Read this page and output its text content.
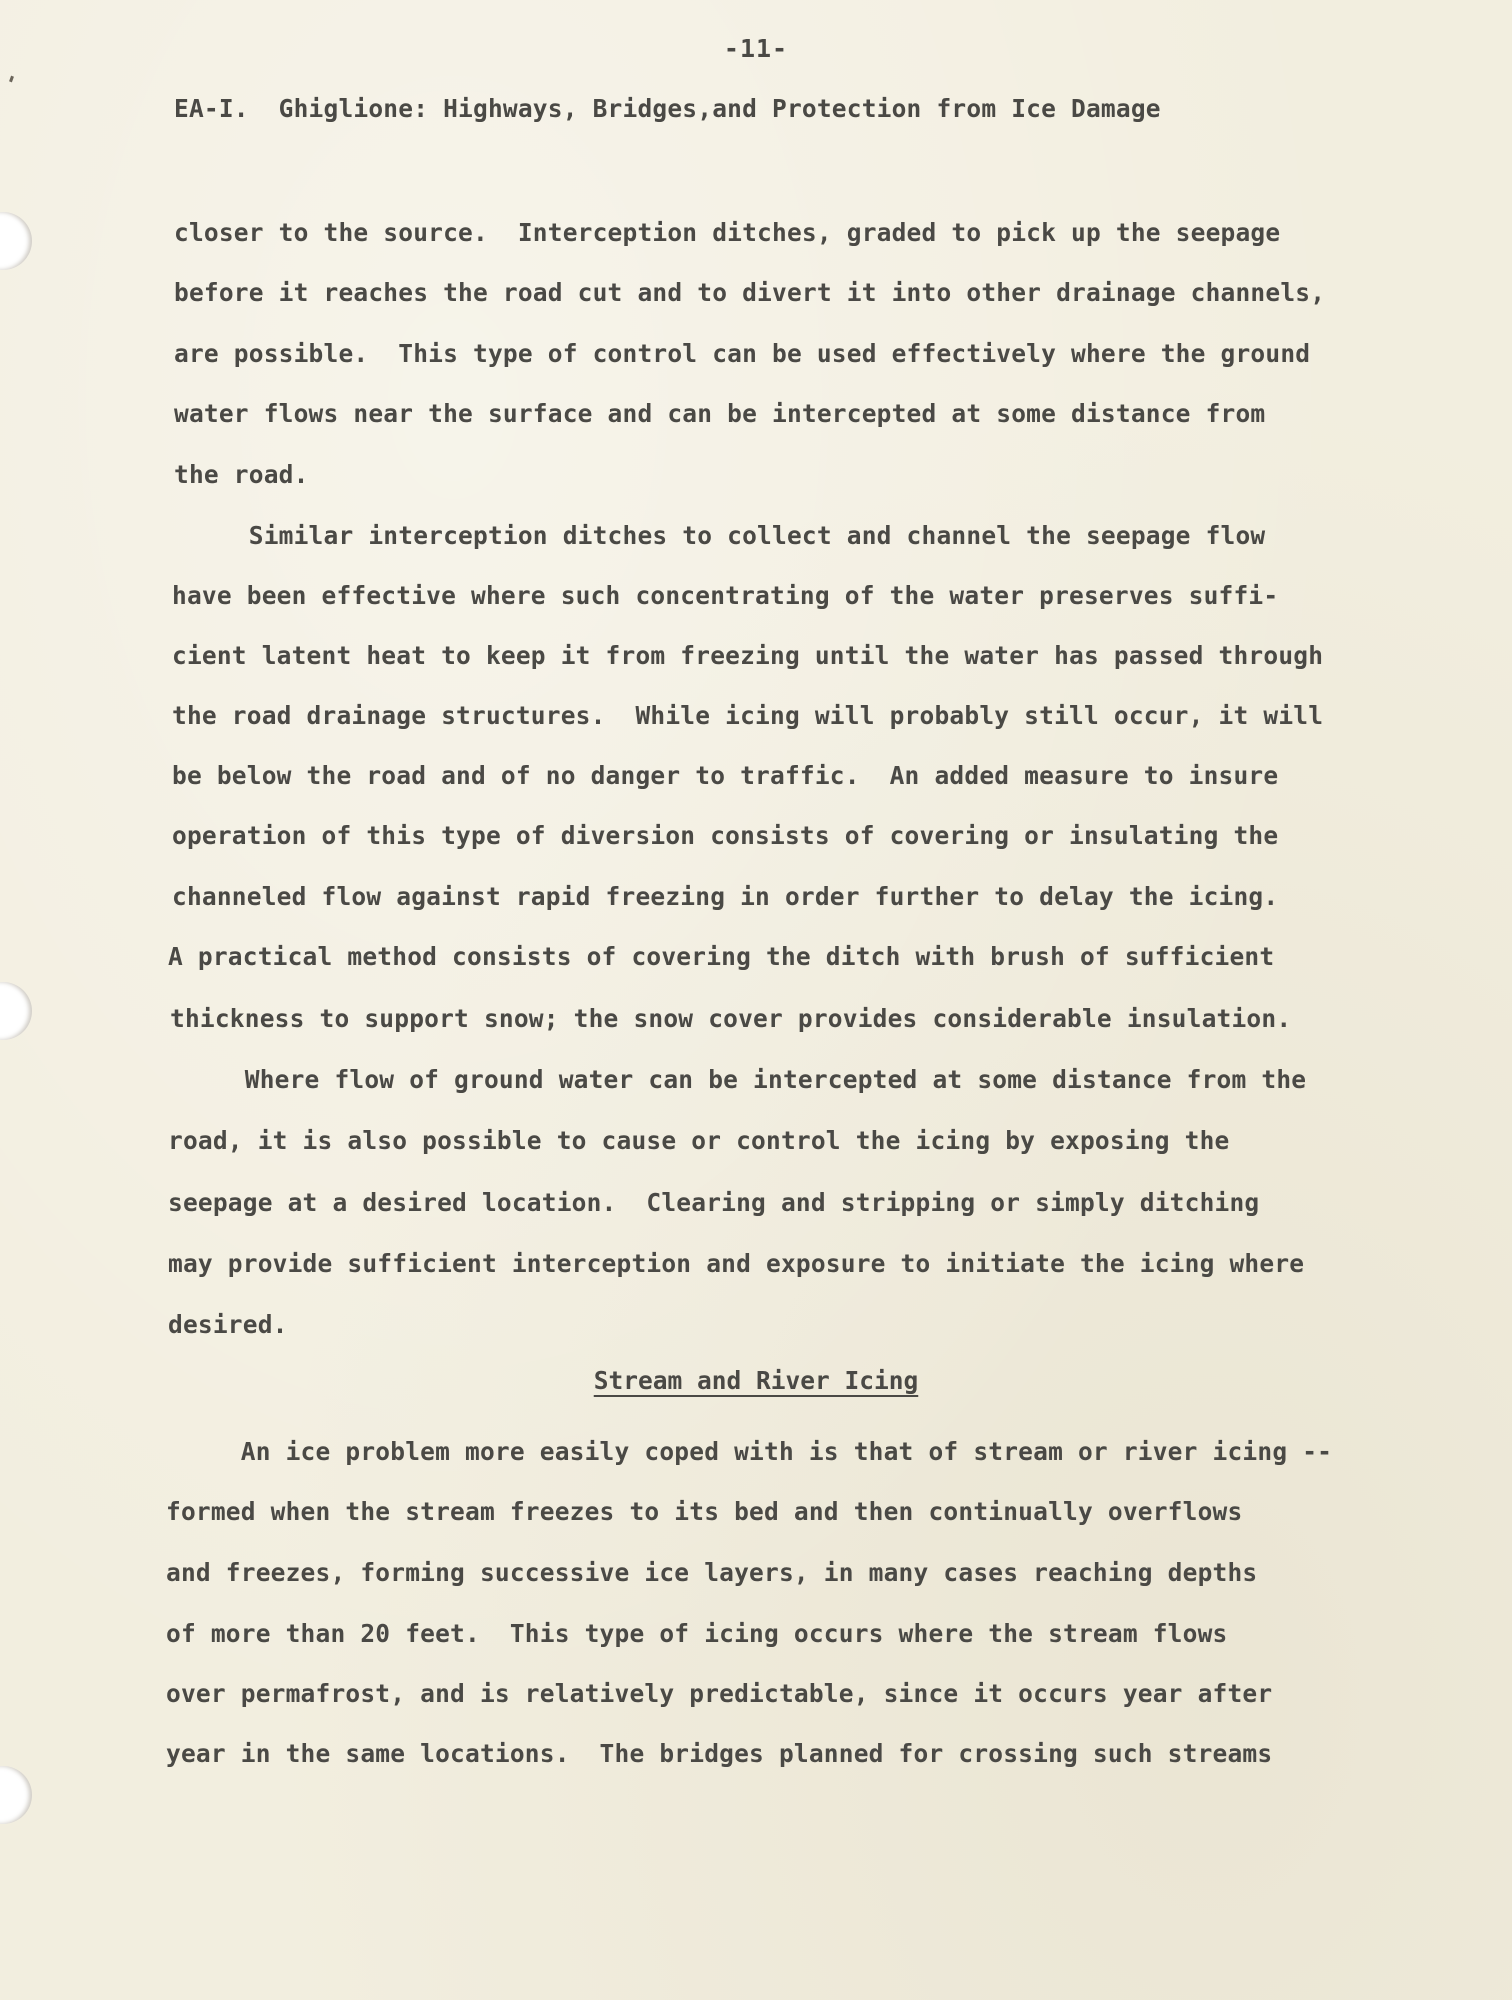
-11-
EA-I.  Ghiglione: Highways, Bridges,and Protection from Ice Damage
closer to the source.  Interception ditches, graded to pick up the seepage
before it reaches the road cut and to divert it into other drainage channels,
are possible.  This type of control can be used effectively where the ground
water flows near the surface and can be intercepted at some distance from
the road.
Similar interception ditches to collect and channel the seepage flow
have been effective where such concentrating of the water preserves suffi-
cient latent heat to keep it from freezing until the water has passed through
the road drainage structures.  While icing will probably still occur, it will
be below the road and of no danger to traffic.  An added measure to insure
operation of this type of diversion consists of covering or insulating the
channeled flow against rapid freezing in order further to delay the icing.
A practical method consists of covering the ditch with brush of sufficient
thickness to support snow; the snow cover provides considerable insulation.
Where flow of ground water can be intercepted at some distance from the
road, it is also possible to cause or control the icing by exposing the
seepage at a desired location.  Clearing and stripping or simply ditching
may provide sufficient interception and exposure to initiate the icing where
desired.
Stream and River Icing
An ice problem more easily coped with is that of stream or river icing --
formed when the stream freezes to its bed and then continually overflows
and freezes, forming successive ice layers, in many cases reaching depths
of more than 20 feet.  This type of icing occurs where the stream flows
over permafrost, and is relatively predictable, since it occurs year after
year in the same locations.  The bridges planned for crossing such streams
